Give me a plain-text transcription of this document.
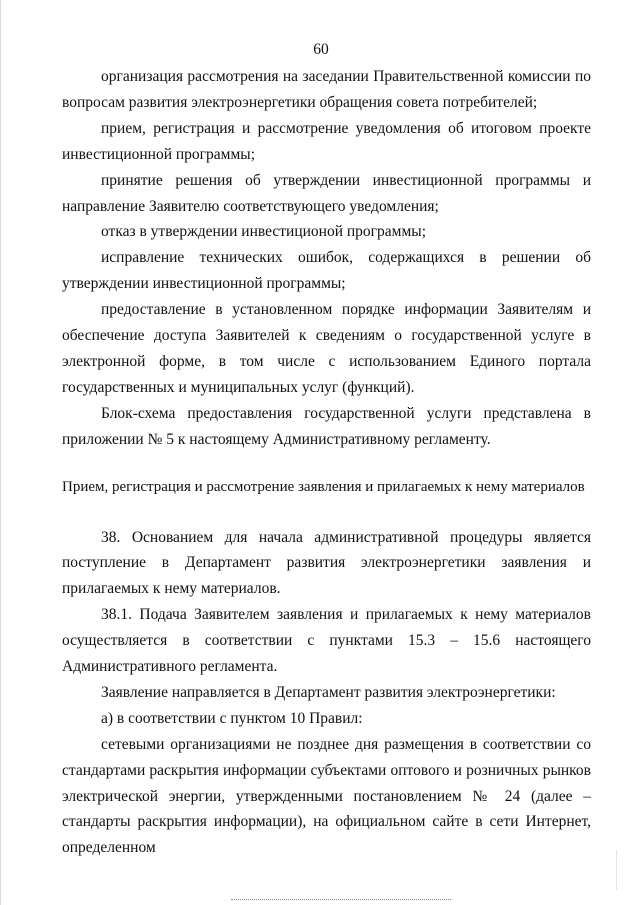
60

организация рассмотрения на заседании Правительственной комиссии по вопросам развития электроэнергетики обращения совета потребителей;

прием, регистрация и рассмотрение уведомления об итоговом проекте инвестиционной программы;

принятие решения об утверждении инвестиционной программы и направление Заявителю соответствующего уведомления;

отказ в утверждении инвестиционой программы;

исправление технических ошибок, содержащихся в решении об утверждении инвестиционной программы;

предоставление в установленном порядке информации Заявителям и обеспечение доступа Заявителей к сведениям о государственной услуге в электронной форме, в том числе с использованием Единого портала государственных и муниципальных услуг (функций).

Блок-схема предоставления государственной услуги представлена в приложении № 5 к настоящему Административному регламенту.

Прием, регистрация и рассмотрение заявления и прилагаемых к нему материалов

38. Основанием для начала административной процедуры является поступление в Департамент развития электроэнергетики заявления и прилагаемых к нему материалов.

38.1. Подача Заявителем заявления и прилагаемых к нему материалов осуществляется в соответствии с пунктами 15.3 – 15.6 настоящего Административного регламента.

Заявление направляется в Департамент развития электроэнергетики:

а) в соответствии с пунктом 10 Правил:

сетевыми организациями не позднее дня размещения в соответствии со стандартами раскрытия информации субъектами оптового и розничных рынков электрической энергии, утвержденными постановлением № 24 (далее – стандарты раскрытия информации), на официальном сайте в сети Интернет, определенном
